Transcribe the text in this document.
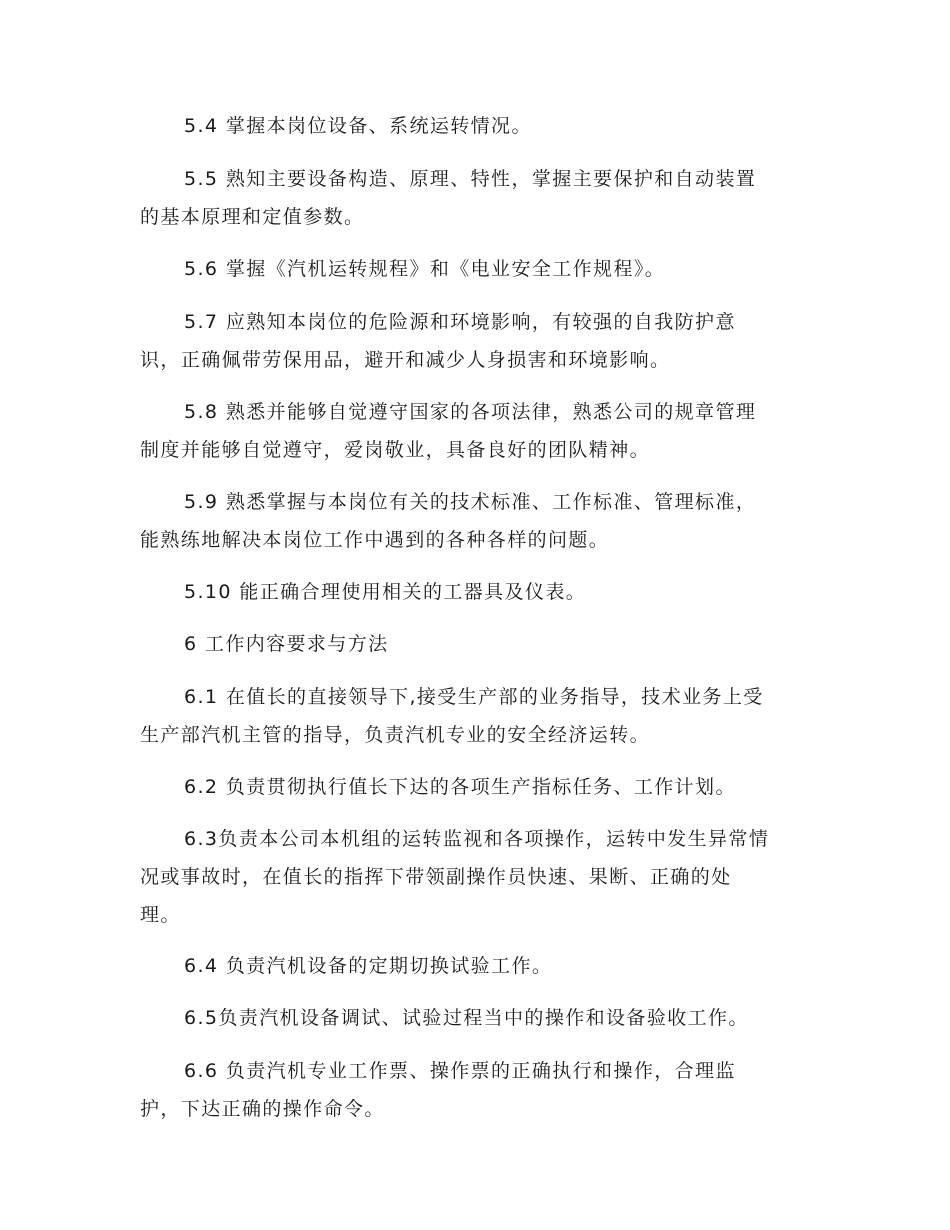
5.4 掌握本岗位设备、系统运转情况。
5.5 熟知主要设备构造、原理、特性，掌握主要保护和自动装置
的基本原理和定值参数。
5.6 掌握《汽机运转规程》和《电业安全工作规程》。
5.7 应熟知本岗位的危险源和环境影响，有较强的自我防护意
识，正确佩带劳保用品，避开和减少人身损害和环境影响。
5.8 熟悉并能够自觉遵守国家的各项法律，熟悉公司的规章管理
制度并能够自觉遵守，爱岗敬业，具备良好的团队精神。
5.9 熟悉掌握与本岗位有关的技术标准、工作标准、管理标准，
能熟练地解决本岗位工作中遇到的各种各样的问题。
5.10 能正确合理使用相关的工器具及仪表。
6 工作内容要求与方法
6.1 在值长的直接领导下,接受生产部的业务指导，技术业务上受
生产部汽机主管的指导，负责汽机专业的安全经济运转。
6.2 负责贯彻执行值长下达的各项生产指标任务、工作计划。
6.3负责本公司本机组的运转监视和各项操作，运转中发生异常情
况或事故时，在值长的指挥下带领副操作员快速、果断、正确的处
理。
6.4 负责汽机设备的定期切换试验工作。
6.5负责汽机设备调试、试验过程当中的操作和设备验收工作。
6.6 负责汽机专业工作票、操作票的正确执行和操作，合理监
护，下达正确的操作命令。
